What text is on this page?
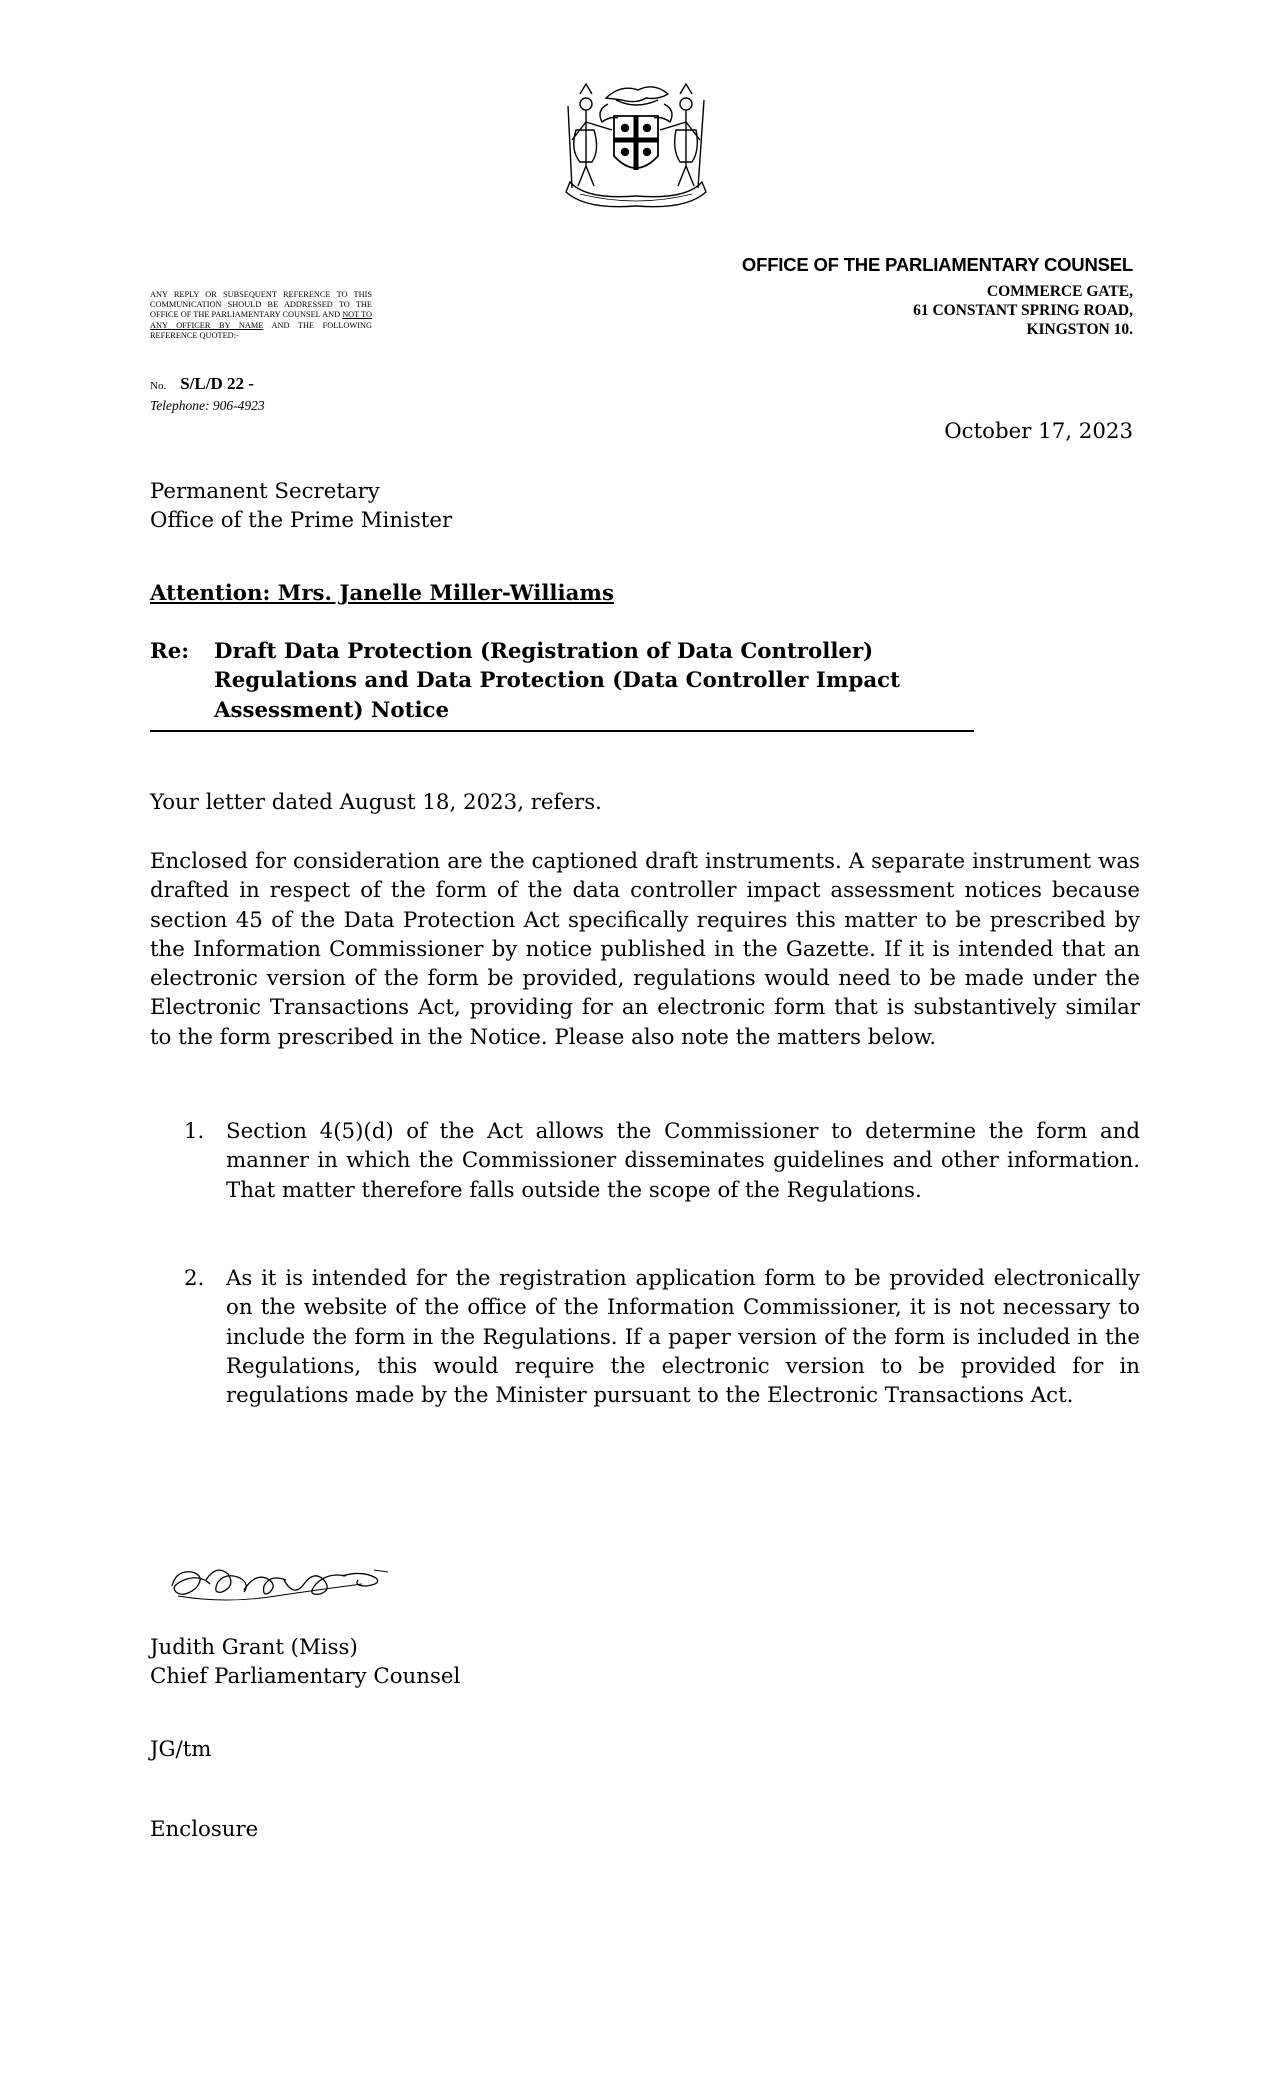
ANY REPLY OR SUBSEQUENT REFERENCE TO THIS COMMUNICATION SHOULD BE ADDRESSED TO THE OFFICE OF THE PARLIAMENTARY COUNSEL AND NOT TO ANY OFFICER BY NAME AND THE FOLLOWING REFERENCE QUOTED:-
No. S/L/D 22 -
Telephone: 906-4923
OFFICE OF THE PARLIAMENTARY COUNSEL
COMMERCE GATE,
61 CONSTANT SPRING ROAD,
KINGSTON 10.
October 17, 2023
Permanent Secretary
Office of the Prime Minister
Attention: Mrs. Janelle Miller-Williams
Re: Draft Data Protection (Registration of Data Controller) Regulations and Data Protection (Data Controller Impact Assessment) Notice

Your letter dated August 18, 2023, refers.

Enclosed for consideration are the captioned draft instruments. A separate instrument was drafted in respect of the form of the data controller impact assessment notices because section 45 of the Data Protection Act specifically requires this matter to be prescribed by the Information Commissioner by notice published in the Gazette. If it is intended that an electronic version of the form be provided, regulations would need to be made under the Electronic Transactions Act, providing for an electronic form that is substantively similar to the form prescribed in the Notice. Please also note the matters below.

1. Section 4(5)(d) of the Act allows the Commissioner to determine the form and manner in which the Commissioner disseminates guidelines and other information. That matter therefore falls outside the scope of the Regulations.
2. As it is intended for the registration application form to be provided electronically on the website of the office of the Information Commissioner, it is not necessary to include the form in the Regulations. If a paper version of the form is included in the Regulations, this would require the electronic version to be provided for in regulations made by the Minister pursuant to the Electronic Transactions Act.
Judith Grant (Miss)
Chief Parliamentary Counsel
JG/tm
Enclosure
